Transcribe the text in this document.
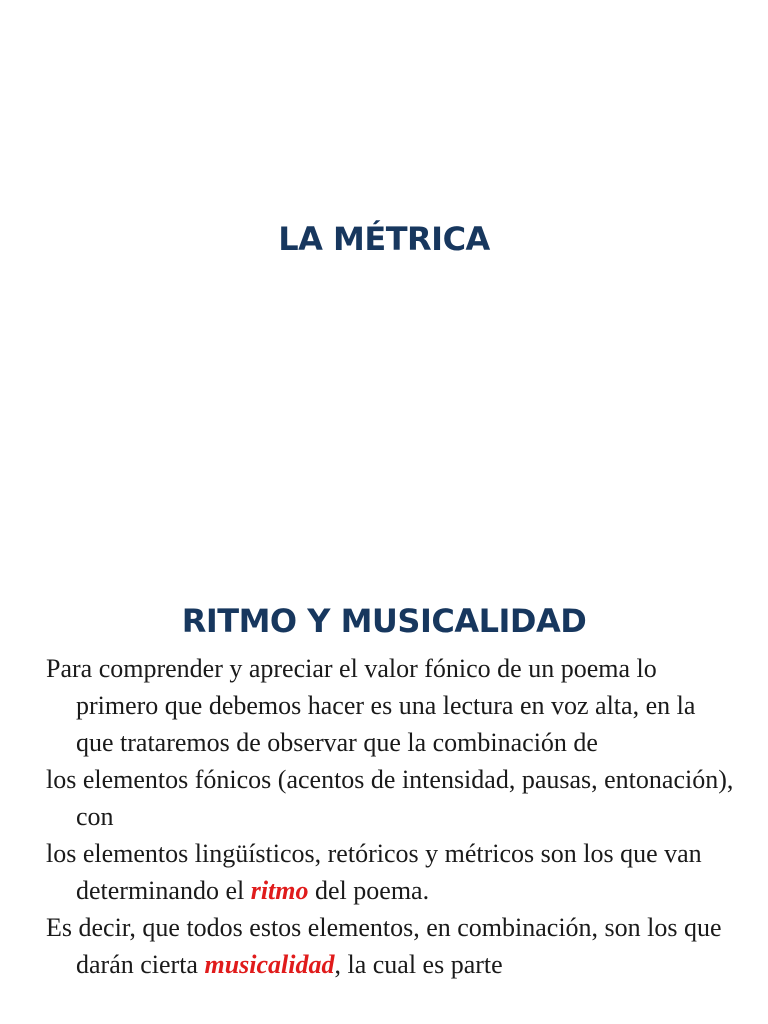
LA MÉTRICA
RITMO Y MUSICALIDAD
Para comprender y apreciar el valor fónico de un poema lo primero que debemos hacer es una lectura en voz alta, en la que trataremos de observar que la combinación de
los elementos fónicos (acentos de intensidad, pausas, entonación), con
los elementos lingüísticos, retóricos y métricos son los que van determinando el ritmo del poema.
Es decir, que todos estos elementos, en combinación, son los que darán cierta musicalidad, la cual es parte
